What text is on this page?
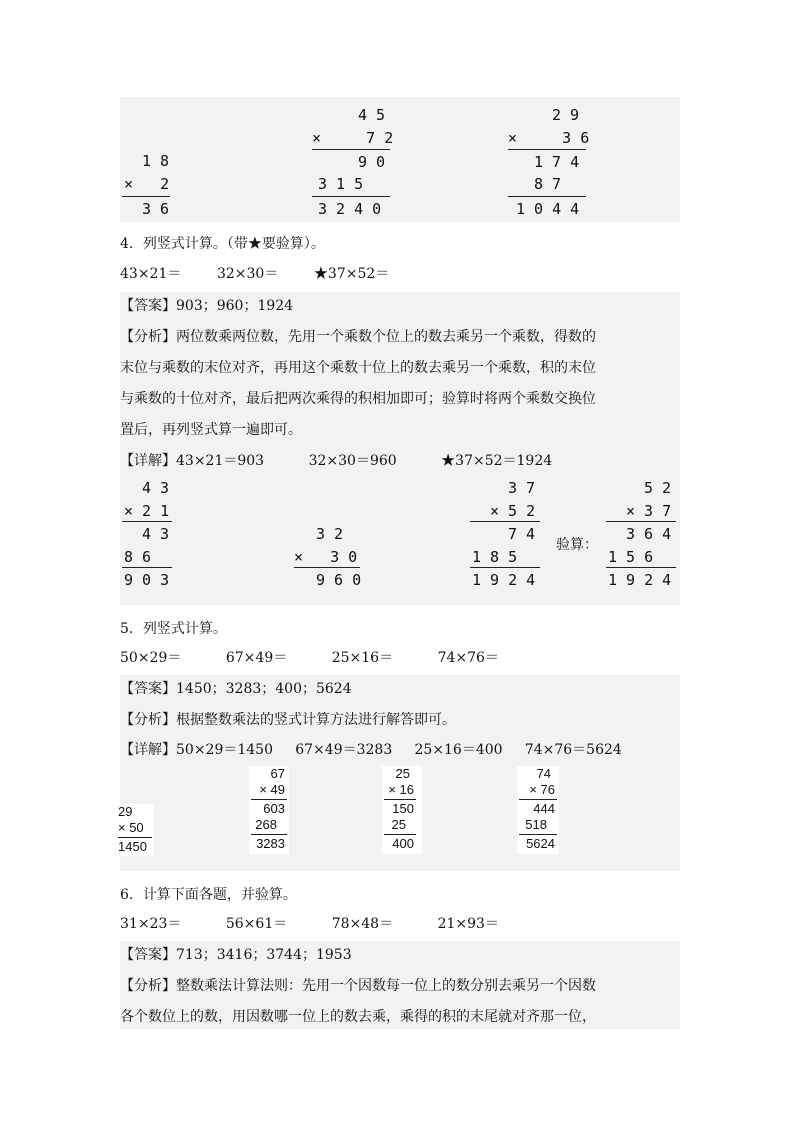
1 8
×   2
3 6
4 5
×     7 2
9 0
3 1 5
3 2 4 0
2 9
×     3 6
1 7 4
8 7
1 0 4 4
4．列竖式计算。（带★要验算）。
43×21＝        32×30＝        ★37×52＝
【答案】903；960；1924
【分析】两位数乘两位数，先用一个乘数个位上的数去乘另一个乘数，得数的
末位与乘数的末位对齐，再用这个乘数十位上的数去乘另一个乘数，积的末位
与乘数的十位对齐，最后把两次乘得的积相加即可；验算时将两个乘数交换位
置后，再列竖式算一遍即可。
【详解】43×21＝903          32×30＝960          ★37×52＝1924
4 3
× 2 1
4 3
8 6
9 0 3
3 2
×   3 0
9 6 0
3 7
× 5 2
7 4
1 8 5
1 9 2 4
验算：
5 2
× 3 7
3 6 4
1 5 6
1 9 2 4
5．列竖式计算。
50×29＝          67×49＝          25×16＝          74×76＝
【答案】1450；3283；400；5624
【分析】根据整数乘法的竖式计算方法进行解答即可。
【详解】50×29＝1450     67×49＝3283     25×16＝400     74×76＝5624
29
× 50
1450
67
× 49
603
268
3283
25
× 16
150
25
400
74
× 76
444
518
5624
6．计算下面各题，并验算。
31×23＝          56×61＝          78×48＝          21×93＝
【答案】713；3416；3744；1953
【分析】整数乘法计算法则：先用一个因数每一位上的数分别去乘另一个因数
各个数位上的数，用因数哪一位上的数去乘，乘得的积的末尾就对齐那一位，
